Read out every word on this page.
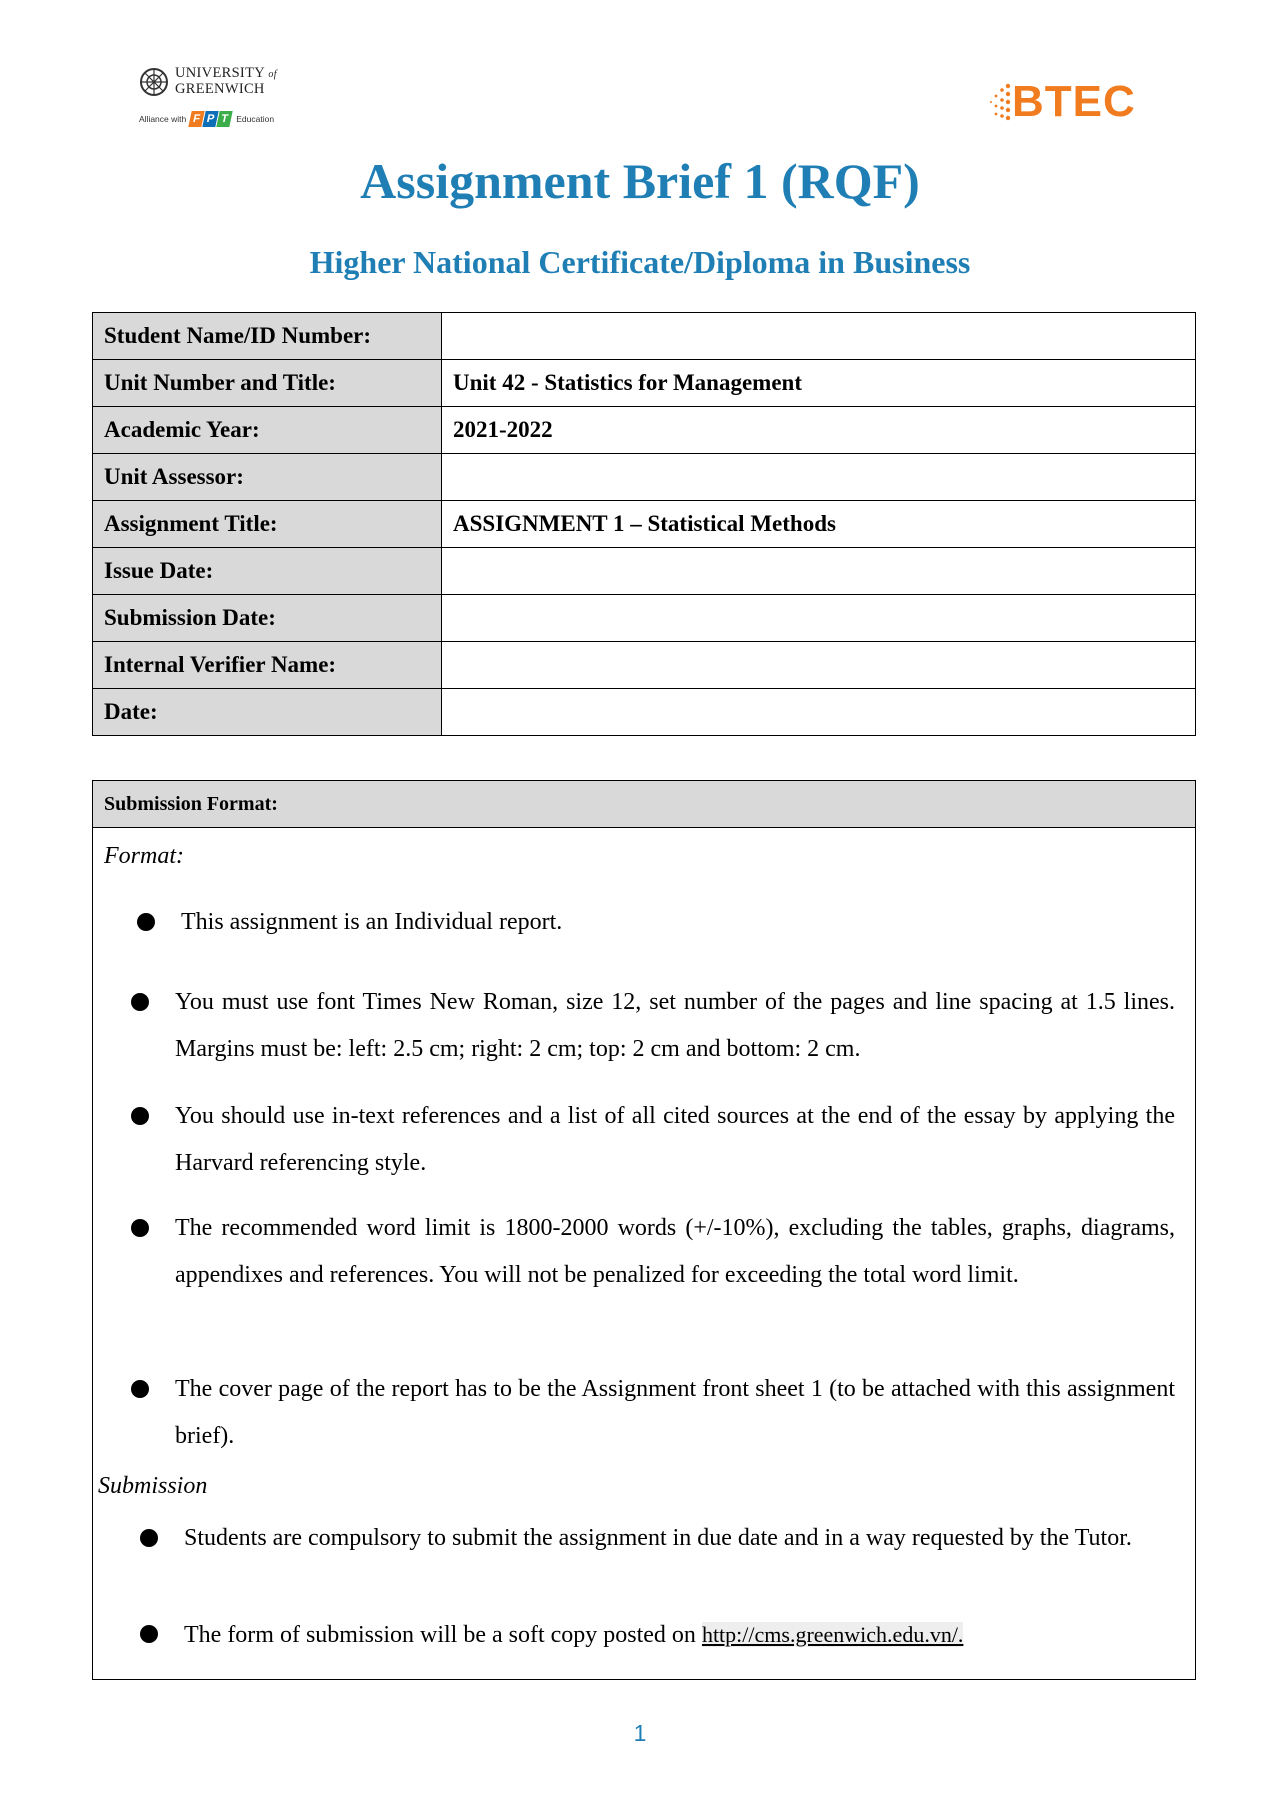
UNIVERSITY of
GREENWICH
Alliance with F P T Education	BTEC
Assignment Brief 1 (RQF)
Higher National Certificate/Diploma in Business
Student Name/ID Number:	
Unit Number and Title:	Unit 42 - Statistics for Management
Academic Year:	2021-2022
Unit Assessor:	
Assignment Title:	ASSIGNMENT 1 – Statistical Methods
Issue Date:	
Submission Date:	
Internal Verifier Name:	
Date:	
Submission Format:
Format:
This assignment is an Individual report.
You must use font Times New Roman, size 12, set number of the pages and line spacing at 1.5 lines. Margins must be: left: 2.5 cm; right: 2 cm; top: 2 cm and bottom: 2 cm.
You should use in-text references and a list of all cited sources at the end of the essay by applying the Harvard referencing style.
The recommended word limit is 1800-2000 words (+/-10%), excluding the tables, graphs, diagrams, appendixes and references. You will not be penalized for exceeding the total word limit.
The cover page of the report has to be the Assignment front sheet 1 (to be attached with this assignment brief).
Submission
Students are compulsory to submit the assignment in due date and in a way requested by the Tutor.
The form of submission will be a soft copy posted on http://cms.greenwich.edu.vn/.
1
